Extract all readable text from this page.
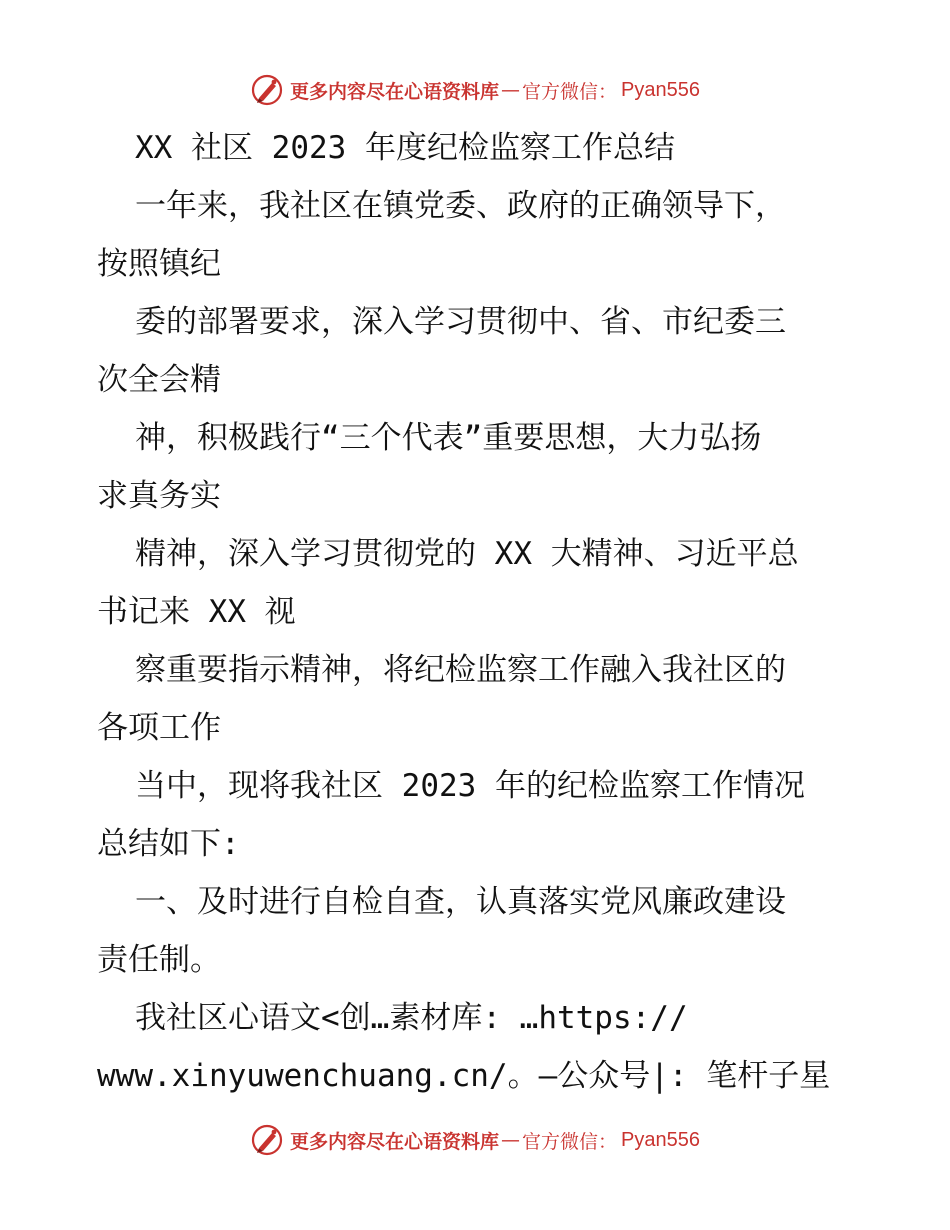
更多内容尽在心语资料库 — 官方微信： Pyan556
XX 社区 2023 年度纪检监察工作总结
一年来，我社区在镇党委、政府的正确领导下，
按照镇纪
委的部署要求，深入学习贯彻中、省、市纪委三
次全会精
神，积极践行“三个代表”重要思想，大力弘扬
求真务实
精神，深入学习贯彻党的 XX 大精神、习近平总
书记来 XX 视
察重要指示精神，将纪检监察工作融入我社区的
各项工作
当中，现将我社区 2023 年的纪检监察工作情况
总结如下:
一、及时进行自检自查，认真落实党风廉政建设
责任制。
我社区心语文<创…素材库: …https://
www.xinyuwenchuang.cn/。—公众号|: 笔杆子星
更多内容尽在心语资料库 — 官方微信： Pyan556
